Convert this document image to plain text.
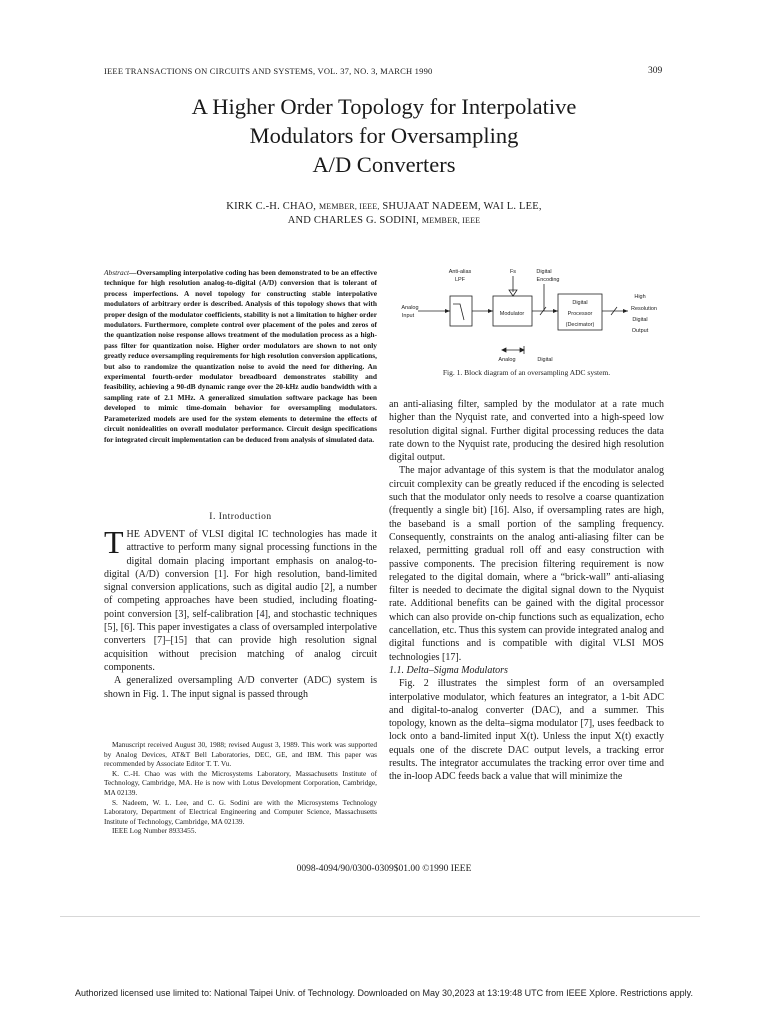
IEEE TRANSACTIONS ON CIRCUITS AND SYSTEMS, VOL. 37, NO. 3, MARCH 1990	309
A Higher Order Topology for Interpolative
Modulators for Oversampling
A/D Converters
KIRK C.-H. CHAO, MEMBER, IEEE, SHUJAAT NADEEM, WAI L. LEE,
AND CHARLES G. SODINI, MEMBER, IEEE
Abstract—Oversampling interpolative coding has been demonstrated to be an effective technique for high resolution analog-to-digital (A/D) conversion that is tolerant of process imperfections. A novel topology for constructing stable interpolative modulators of arbitrary order is described. Analysis of this topology shows that with proper design of the modulator coefficients, stability is not a limitation to higher order modulators. Furthermore, complete control over placement of the poles and zeros of the quantization noise response allows treatment of the modulation process as a high-pass filter for quantization noise. Higher order modulators are shown to not only greatly reduce oversampling requirements for high resolution conversion applications, but also to randomize the quantization noise to avoid the need for dithering. An experimental fourth-order modulator breadboard demonstrates stability and feasibility, achieving a 90-dB dynamic range over the 20-kHz audio bandwidth with a sampling rate of 2.1 MHz. A generalized simulation software package has been developed to mimic time-domain behavior for oversampling modulators. Parameterized models are used for the system elements to determine the effects of circuit nonidealities on overall modulator performance. Circuit design specifications for integrated circuit implementation can be deduced from analysis of simulated data.
I. Introduction
THE ADVENT of VLSI digital IC technologies has made it attractive to perform many signal processing functions in the digital domain placing important emphasis on analog-to-digital (A/D) conversion [1]. For high resolution, band-limited signal conversion applications, such as digital audio [2], a number of competing approaches have been studied, including floating-point conversion [3], self-calibration [4], and stochastic techniques [5], [6]. This paper investigates a class of oversampled interpolative converters [7]–[15] that can provide high resolution signal acquisition without precision matching of analog circuit components.
A generalized oversampling A/D converter (ADC) system is shown in Fig. 1. The input signal is passed through

Manuscript received August 30, 1988; revised August 3, 1989. This work was supported by Analog Devices, AT&T Bell Laboratories, DEC, GE, and IBM. This paper was recommended by Associate Editor T. T. Vu.

K. C.-H. Chao was with the Microsystems Laboratory, Massachusetts Institute of Technology, Cambridge, MA. He is now with Lotus Development Corporation, Cambridge, MA 02139.

S. Nadeem, W. L. Lee, and C. G. Sodini are with the Microsystems Technology Laboratory, Department of Electrical Engineering and Computer Science, Massachusetts Institute of Technology, Cambridge, MA 02139.

IEEE Log Number 8933455.

Anti-alias
LPF
Fs	Digital
Encoding
Analog
Input	Modulator
Digital
Processor
(Decimator)
High
Resolution
Digital
Output
Analog	Digital
Fig. 1. Block diagram of an oversampling ADC system.

an anti-aliasing filter, sampled by the modulator at a rate much higher than the Nyquist rate, and converted into a high-speed low resolution digital signal. Further digital processing reduces the data rate down to the Nyquist rate, producing the desired high resolution digital output.

The major advantage of this system is that the modulator analog circuit complexity can be greatly reduced if the encoding is selected such that the modulator only needs to resolve a coarse quantization (frequently a single bit) [16]. Also, if oversampling rates are high, the baseband is a small portion of the sampling frequency. Consequently, constraints on the analog anti-aliasing filter can be relaxed, permitting gradual roll off and easy construction with passive components. The precision filtering requirement is now relegated to the digital domain, where a “brick-wall” anti-aliasing filter is needed to decimate the digital signal down to the Nyquist rate. Additional benefits can be gained with the digital processor which can also provide on-chip functions such as equalization, echo cancellation, etc. Thus this system can provide integrated analog and digital functions and is compatible with digital VLSI MOS technologies [17].

1.1. Delta–Sigma Modulators

Fig. 2 illustrates the simplest form of an oversampled interpolative modulator, which features an integrator, a 1-bit ADC and digital-to-analog converter (DAC), and a summer. This topology, known as the delta–sigma modulator [7], uses feedback to lock onto a band-limited input X(t). Unless the input X(t) exactly equals one of the discrete DAC output levels, a tracking error results. The integrator accumulates the tracking error over time and the in-loop ADC feeds back a value that will minimize the

0098-4094/90/0300-0309$01.00 ©1990 IEEE
Authorized licensed use limited to: National Taipei Univ. of Technology. Downloaded on May 30,2023 at 13:19:48 UTC from IEEE Xplore. Restrictions apply.
